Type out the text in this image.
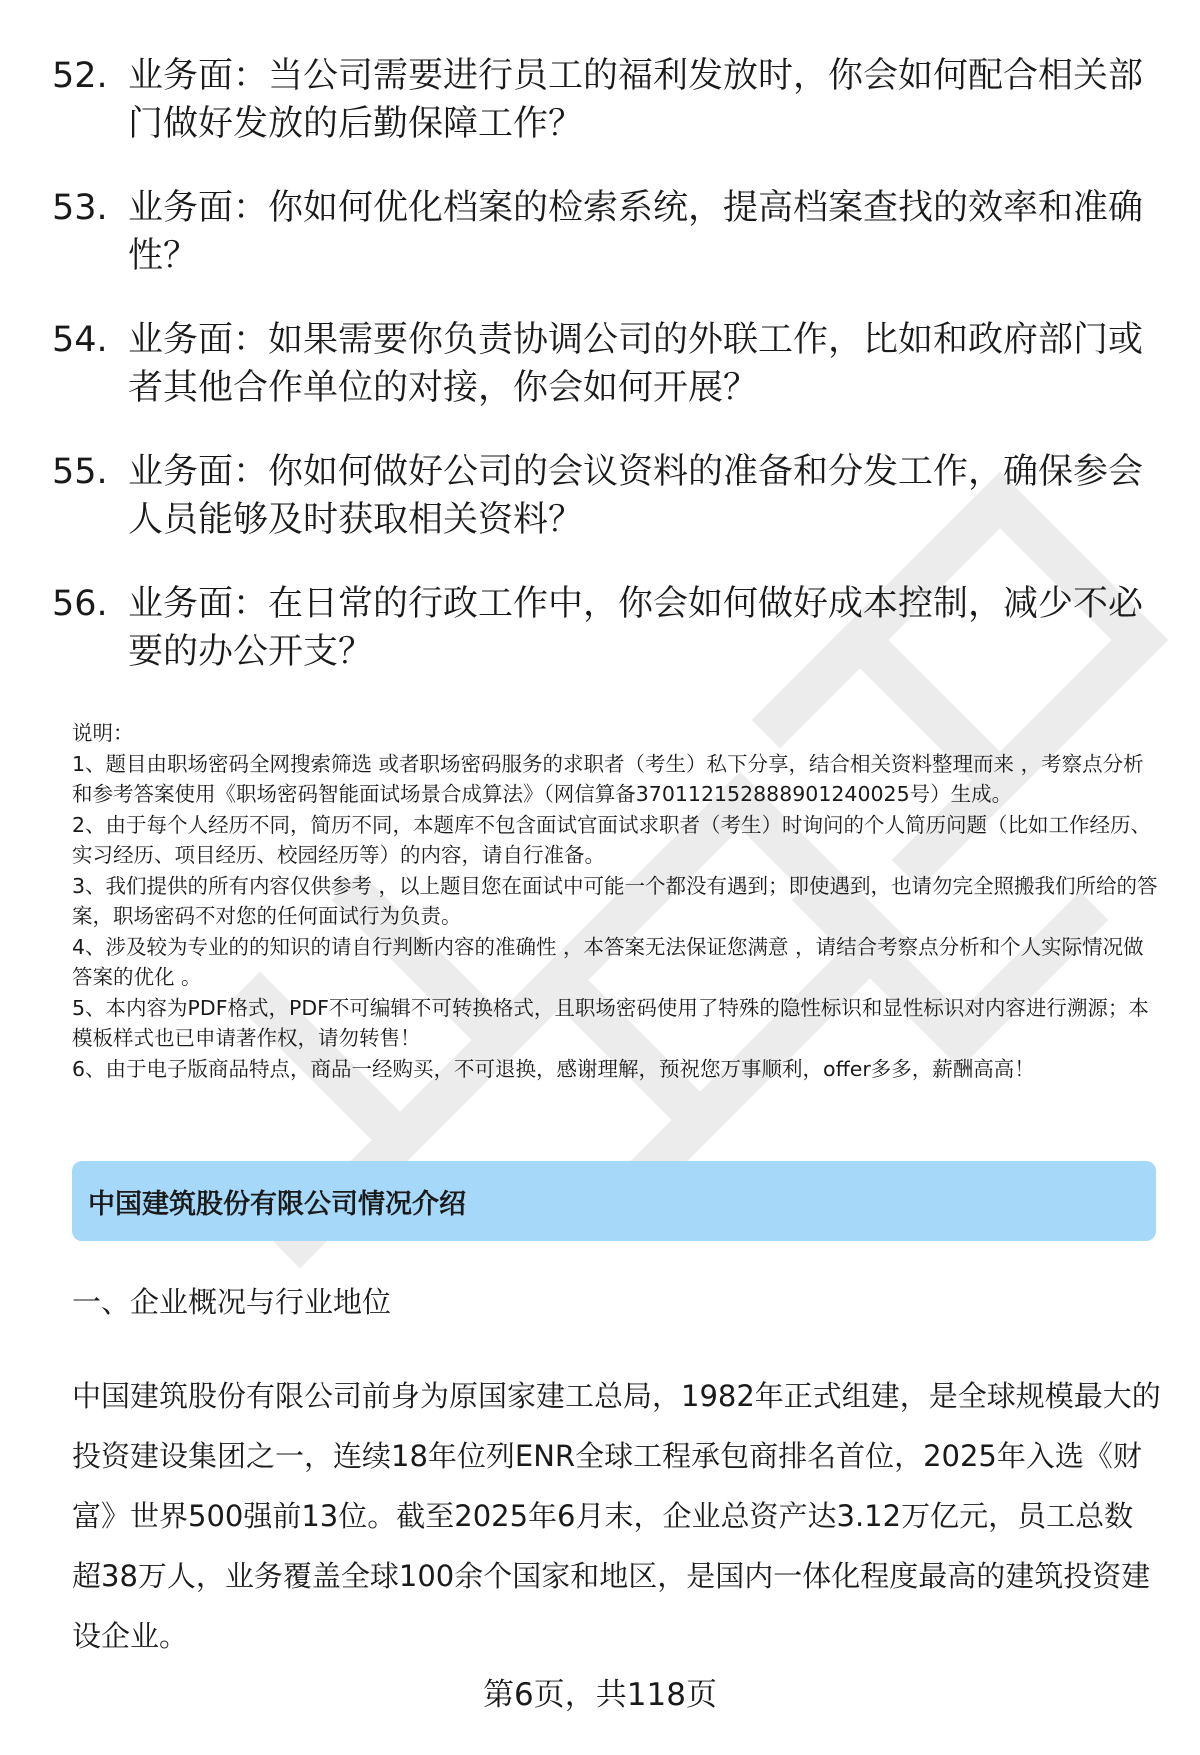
52. 业务面：当公司需要进行员工的福利发放时，你会如何配合相关部门做好发放的后勤保障工作？
53. 业务面：你如何优化档案的检索系统，提高档案查找的效率和准确性？
54. 业务面：如果需要你负责协调公司的外联工作，比如和政府部门或者其他合作单位的对接，你会如何开展？
55. 业务面：你如何做好公司的会议资料的准备和分发工作，确保参会人员能够及时获取相关资料？
56. 业务面：在日常的行政工作中，你会如何做好成本控制，减少不必要的办公开支？

说明：

1、题目由职场密码全网搜索筛选 或者职场密码服务的求职者（考生）私下分享，结合相关资料整理而来 ，考察点分析和参考答案使用《职场密码智能面试场景合成算法》（网信算备370112152888901240025号）生成。

2、由于每个人经历不同，简历不同，本题库不包含面试官面试求职者（考生）时询问的个人简历问题（比如工作经历、实习经历、项目经历、校园经历等）的内容，请自行准备。

3、我们提供的所有内容仅供参考 ，以上题目您在面试中可能一个都没有遇到；即使遇到，也请勿完全照搬我们所给的答案，职场密码不对您的任何面试行为负责。

4、涉及较为专业的的知识的请自行判断内容的准确性 ，本答案无法保证您满意 ，请结合考察点分析和个人实际情况做答案的优化 。

5、本内容为PDF格式，PDF不可编辑不可转换格式，且职场密码使用了特殊的隐性标识和显性标识对内容进行溯源；本模板样式也已申请著作权，请勿转售！

6、由于电子版商品特点，商品一经购买，不可退换，感谢理解，预祝您万事顺利，offer多多，薪酬高高！

中国建筑股份有限公司情况介绍
一、企业概况与行业地位

中国建筑股份有限公司前身为原国家建工总局，1982年正式组建，是全球规模最大的投资建设集团之一，连续18年位列ENR全球工程承包商排名首位，2025年入选《财富》世界500强前13位。截至2025年6月末，企业总资产达3.12万亿元，员工总数超38万人，业务覆盖全球100余个国家和地区，是国内一体化程度最高的建筑投资建设企业。

第6页，共118页
